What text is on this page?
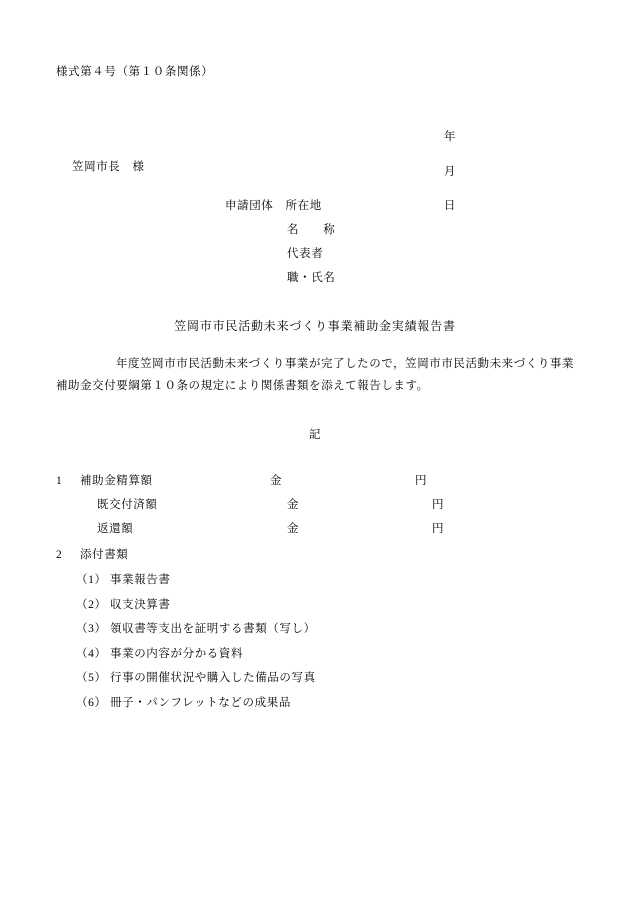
様式第４号（第１０条関係）

年

月

日

笠岡市長　様
申請団体　所在地
名　　称
代表者
職・氏名
笠岡市市民活動未来づくり事業補助金実績報告書
年度笠岡市市民活動未来づくり事業が完了したので，笠岡市市民活動未来づくり事業補助金交付要綱第１０条の規定により関係書類を添えて報告します。
記
1	補助金精算額	金	円
既交付済額	金	円
返還額	金	円
2 添付書類
（1） 事業報告書
（2） 収支決算書
（3） 領収書等支出を証明する書類（写し）
（4） 事業の内容が分かる資料
（5） 行事の開催状況や購入した備品の写真
（6） 冊子・パンフレットなどの成果品
